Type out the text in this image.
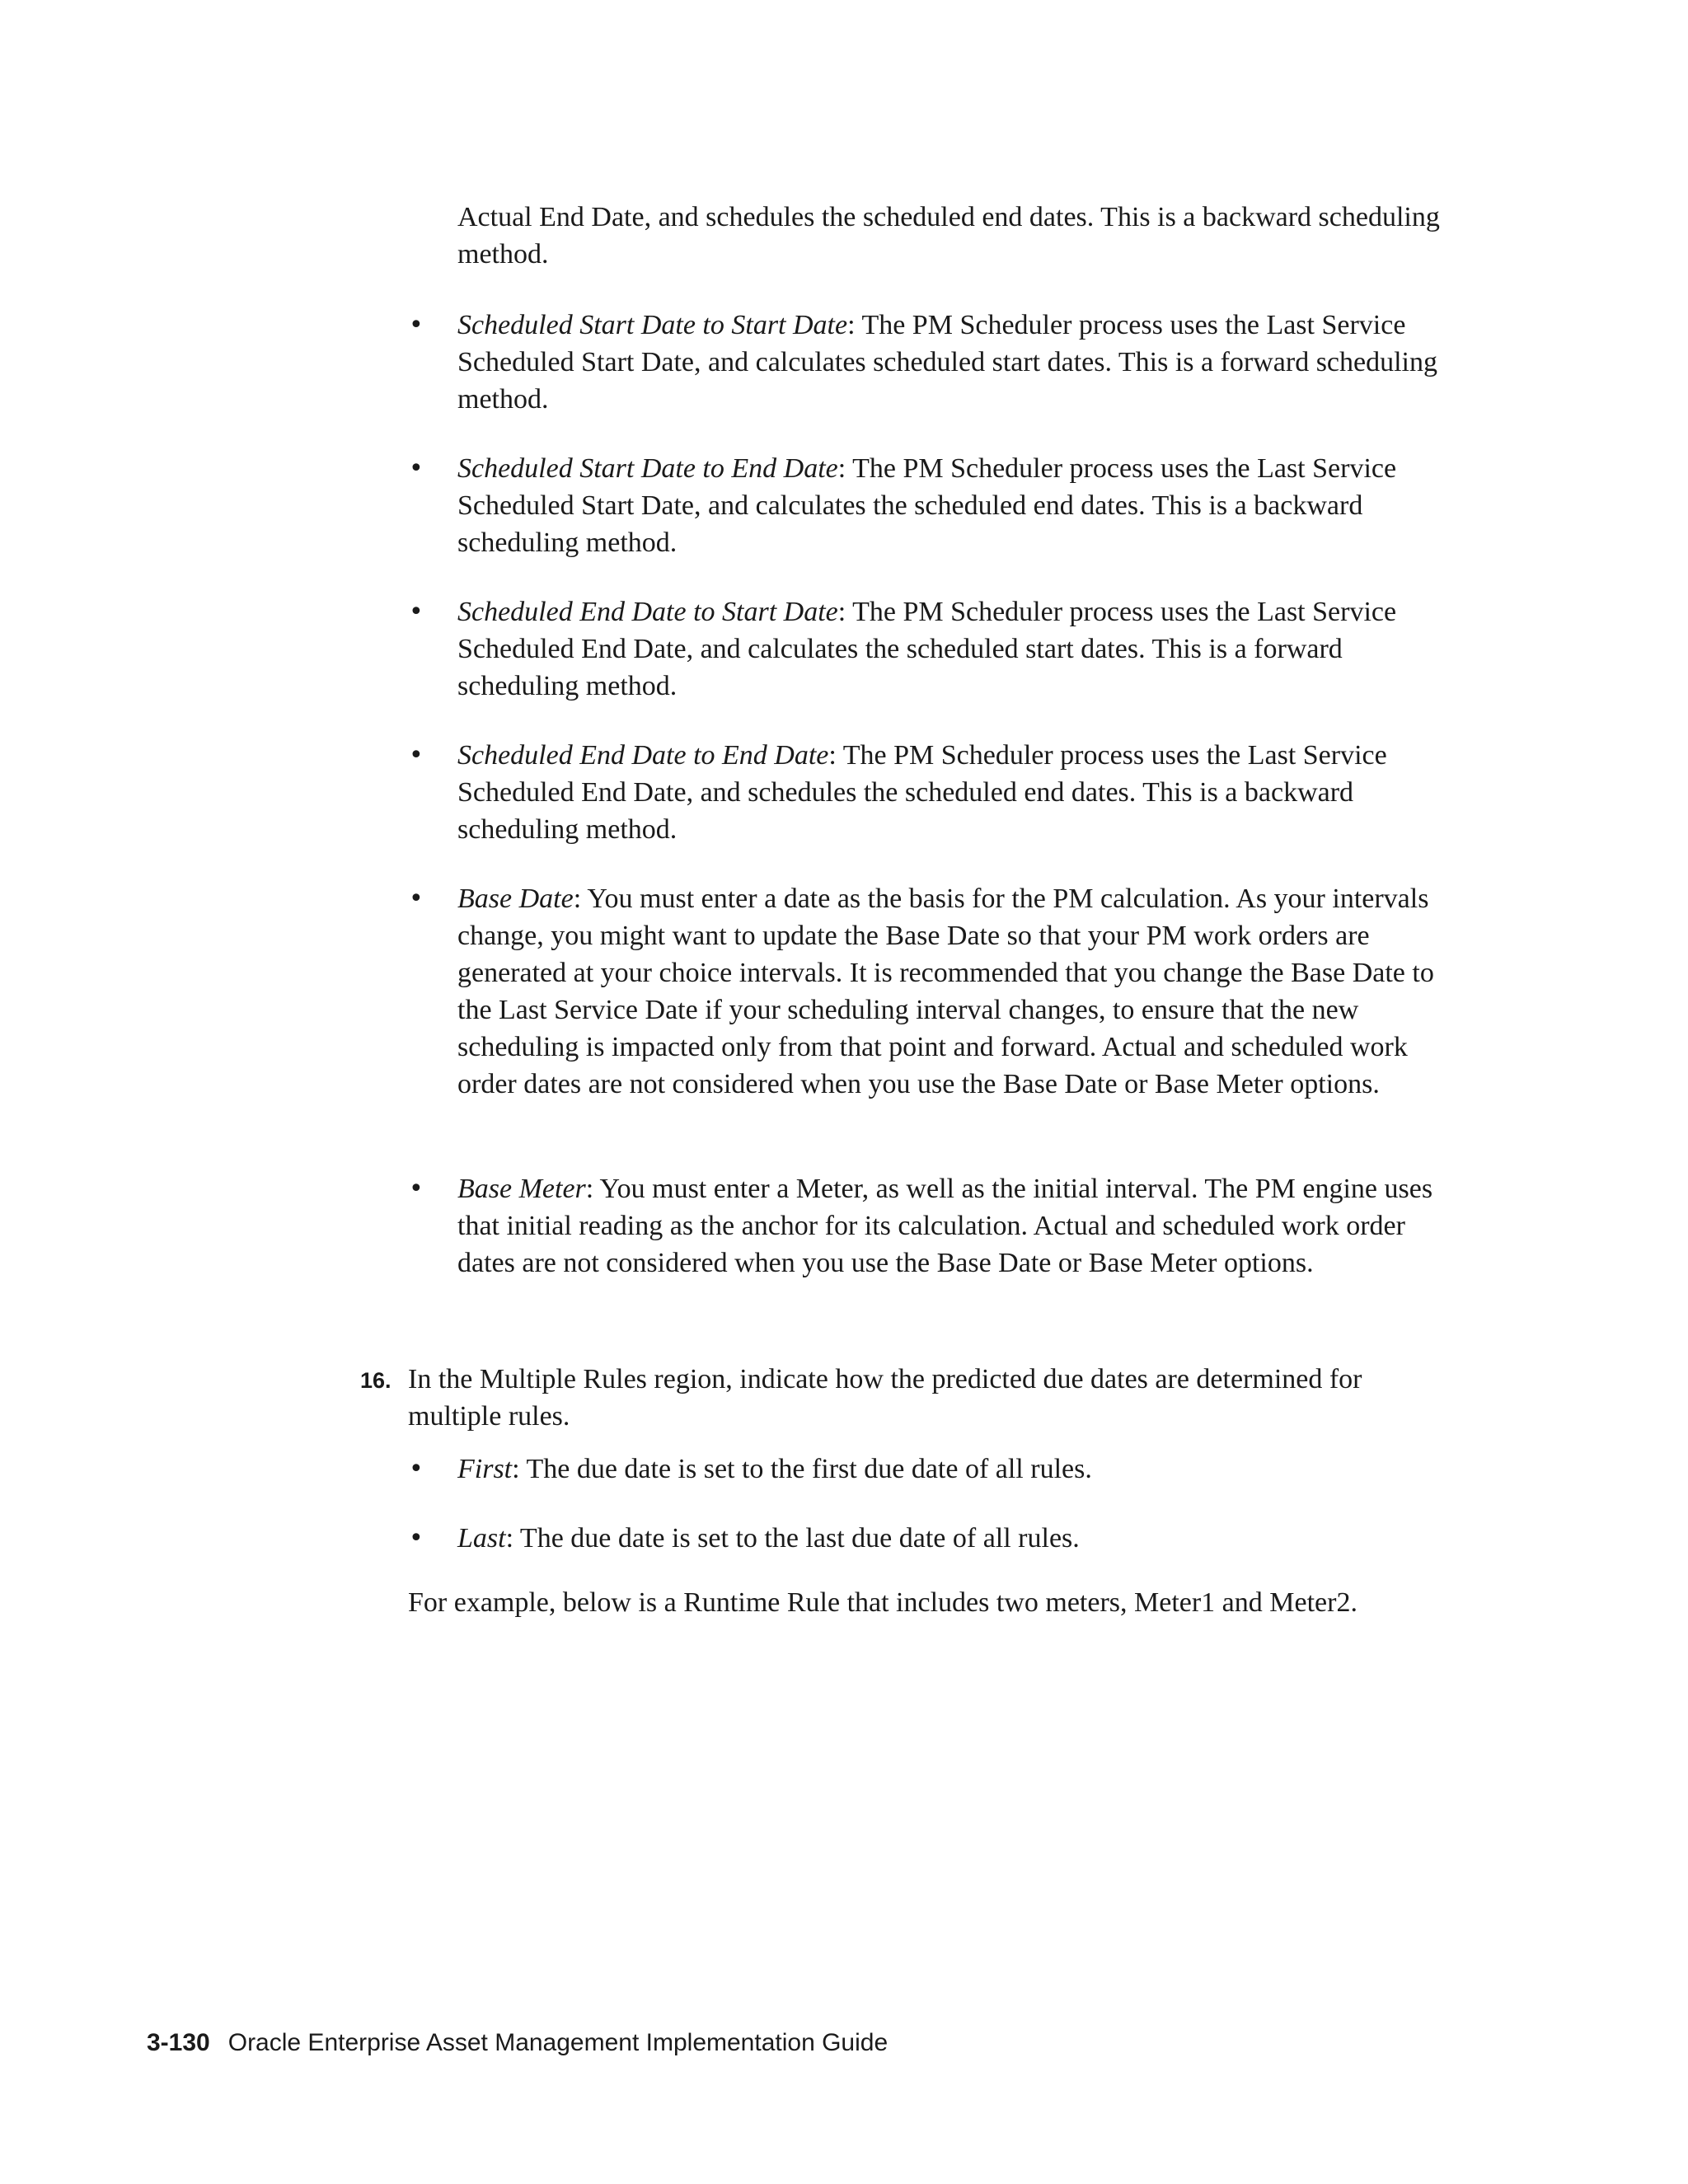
Actual End Date, and schedules the scheduled end dates. This is a backward scheduling method.

• Scheduled Start Date to Start Date: The PM Scheduler process uses the Last Service Scheduled Start Date, and calculates scheduled start dates. This is a forward scheduling method.

• Scheduled Start Date to End Date: The PM Scheduler process uses the Last Service Scheduled Start Date, and calculates the scheduled end dates. This is a backward scheduling method.

• Scheduled End Date to Start Date: The PM Scheduler process uses the Last Service Scheduled End Date, and calculates the scheduled start dates. This is a forward scheduling method.

• Scheduled End Date to End Date: The PM Scheduler process uses the Last Service Scheduled End Date, and schedules the scheduled end dates. This is a backward scheduling method.

• Base Date: You must enter a date as the basis for the PM calculation. As your intervals change, you might want to update the Base Date so that your PM work orders are generated at your choice intervals. It is recommended that you change the Base Date to the Last Service Date if your scheduling interval changes, to ensure that the new scheduling is impacted only from that point and forward. Actual and scheduled work order dates are not considered when you use the Base Date or Base Meter options.

• Base Meter: You must enter a Meter, as well as the initial interval. The PM engine uses that initial reading as the anchor for its calculation. Actual and scheduled work order dates are not considered when you use the Base Date or Base Meter options.

16. In the Multiple Rules region, indicate how the predicted due dates are determined for multiple rules.

• First: The due date is set to the first due date of all rules.

• Last: The due date is set to the last due date of all rules.

For example, below is a Runtime Rule that includes two meters, Meter1 and Meter2.

3-130 Oracle Enterprise Asset Management Implementation Guide
